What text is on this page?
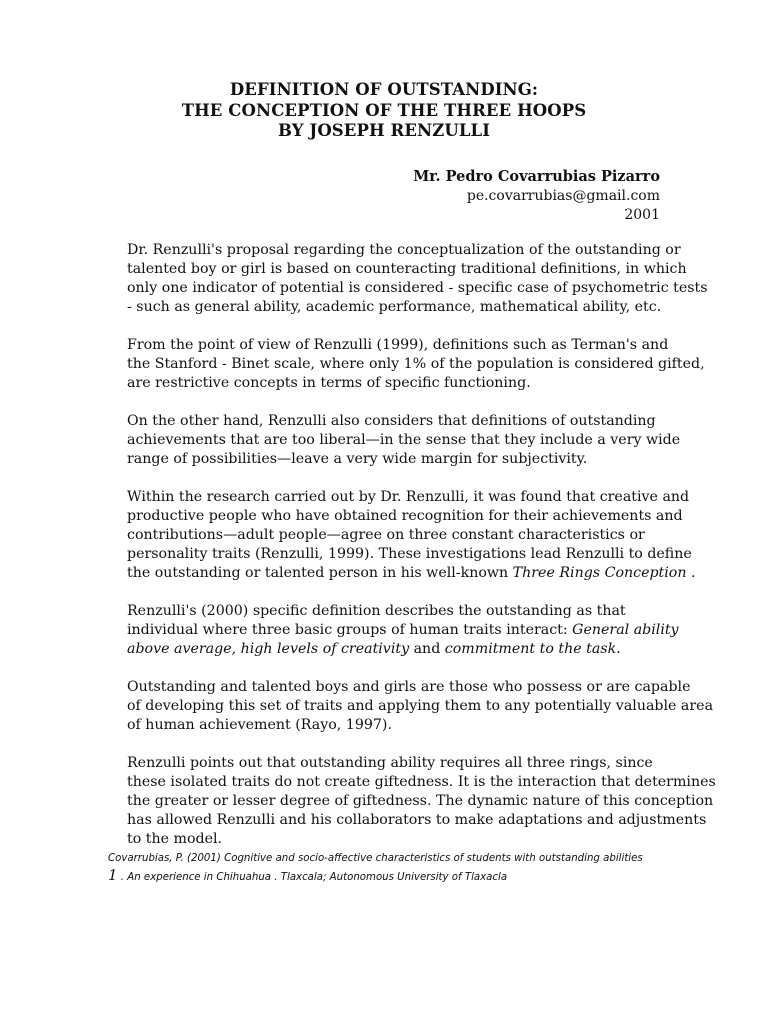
DEFINITION OF OUTSTANDING:
THE CONCEPTION OF THE THREE HOOPS
BY JOSEPH RENZULLI
Mr. Pedro Covarrubias Pizarro
pe.covarrubias@gmail.com
2001

Dr. Renzulli's proposal regarding the conceptualization of the outstanding or
talented boy or girl is based on counteracting traditional definitions, in which
only one indicator of potential is considered - specific case of psychometric tests
- such as general ability, academic performance, mathematical ability, etc.

From the point of view of Renzulli (1999), definitions such as Terman's and
the Stanford - Binet scale, where only 1% of the population is considered gifted,
are restrictive concepts in terms of specific functioning.

On the other hand, Renzulli also considers that definitions of outstanding
achievements that are too liberal—in the sense that they include a very wide
range of possibilities—leave a very wide margin for subjectivity.

Within the research carried out by Dr. Renzulli, it was found that creative and
productive people who have obtained recognition for their achievements and
contributions—adult people—agree on three constant characteristics or
personality traits (Renzulli, 1999). These investigations lead Renzulli to define
the outstanding or talented person in his well-known Three Rings Conception .

Renzulli's (2000) specific definition describes the outstanding as that
individual where three basic groups of human traits interact: General ability
above average, high levels of creativity and commitment to the task.

Outstanding and talented boys and girls are those who possess or are capable
of developing this set of traits and applying them to any potentially valuable area
of human achievement (Rayo, 1997).

Renzulli points out that outstanding ability requires all three rings, since
these isolated traits do not create giftedness. It is the interaction that determines
the greater or lesser degree of giftedness. The dynamic nature of this conception
has allowed Renzulli and his collaborators to make adaptations and adjustments
to the model.

Covarrubias, P. (2001) Cognitive and socio-affective characteristics of students with outstanding abilities
1 . An experience in Chihuahua . Tlaxcala; Autonomous University of Tlaxacla
